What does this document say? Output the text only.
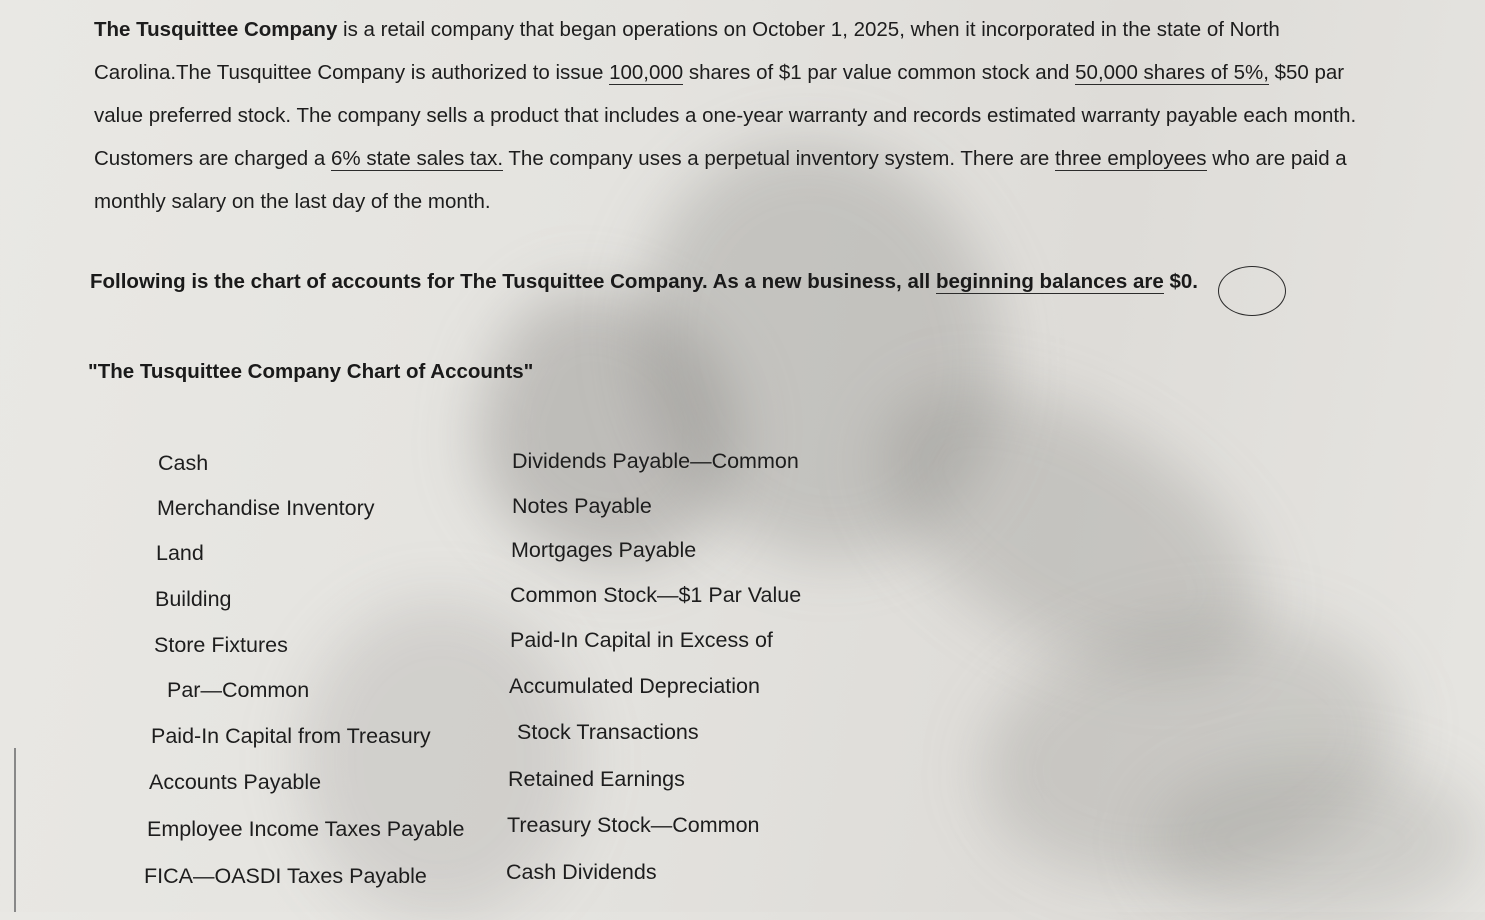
The Tusquittee Company is a retail company that began operations on October 1, 2025, when it incorporated in the state of North
Carolina.The Tusquittee Company is authorized to issue 100,000 shares of $1 par value common stock and 50,000 shares of 5%, $50 par
value preferred stock. The company sells a product that includes a one-year warranty and records estimated warranty payable each month.
Customers are charged a 6% state sales tax. The company uses a perpetual inventory system. There are three employees who are paid a
monthly salary on the last day of the month.
Following is the chart of accounts for The Tusquittee Company. As a new business, all beginning balances are $0.
"The Tusquittee Company Chart of Accounts"
Cash
Merchandise Inventory
Land
Building
Store Fixtures
Par—Common
Paid-In Capital from Treasury
Accounts Payable
Employee Income Taxes Payable
FICA—OASDI Taxes Payable
Dividends Payable—Common
Notes Payable
Mortgages Payable
Common Stock—$1 Par Value
Paid-In Capital in Excess of
Accumulated Depreciation
Stock Transactions
Retained Earnings
Treasury Stock—Common
Cash Dividends
